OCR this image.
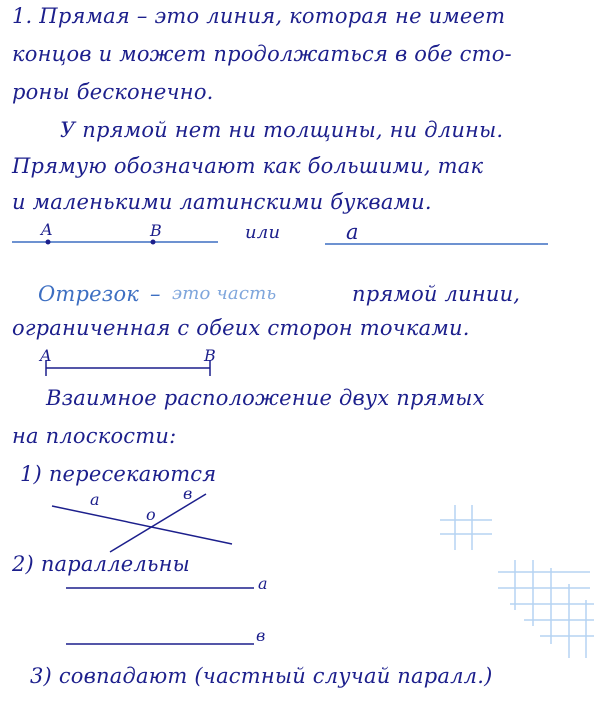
1. Прямая – это линия, которая не имеет
концов и может продолжаться в обе сто-
роны бесконечно.
У прямой нет ни толщины, ни длины.
Прямую обозначают как большими, так
и маленькими латинскими буквами.
A	B	или	a
Отрезок – это часть	прямой линии,
ограниченная с обеих сторон точками.
A	B
Взаимное расположение двух прямых
на плоскости:
1) пересекаются
a	в
o
2) параллельны
a
в
3) совпадают (частный случай паралл.)
